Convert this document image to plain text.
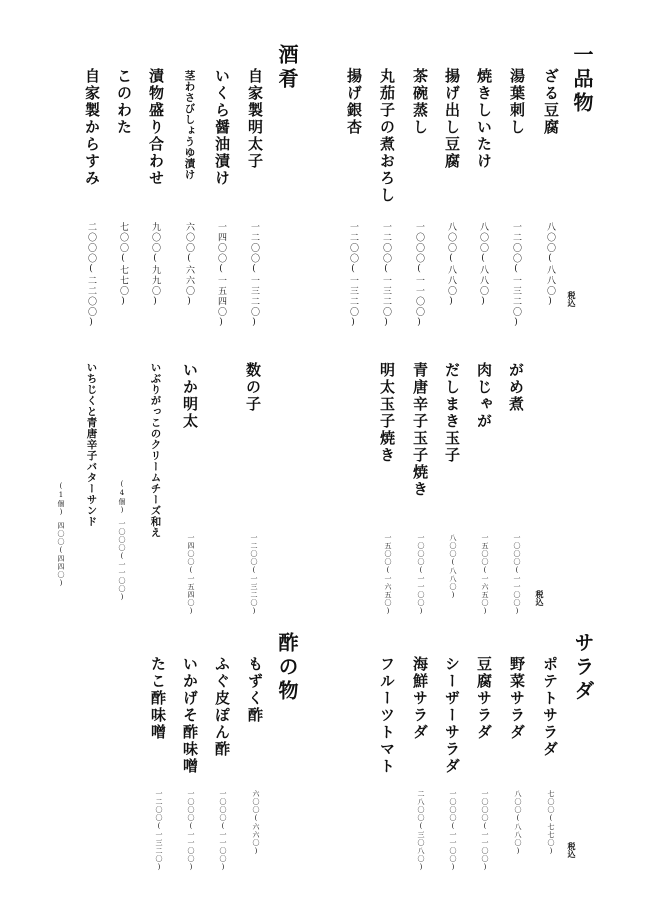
一品物
税込
ざる豆腐
八〇〇(八八〇)
湯葉刺し
一二〇〇(一三二〇)
焼きしいたけ
八〇〇(八八〇)
揚げ出し豆腐
八〇〇(八八〇)
茶碗蒸し
一〇〇〇(一一〇〇)
丸茄子の煮おろし
一二〇〇(一三二〇)
揚げ銀杏
一二〇〇(一三二〇)
酒肴
自家製明太子
一二〇〇(一三二〇)
いくら醤油漬け
一四〇〇(一五四〇)
茎わさびしょうゆ漬け
六〇〇(六六〇)
漬物盛り合わせ
九〇〇(九九〇)
このわた
七〇〇(七七〇)
自家製からすみ
二〇〇〇(二二〇〇)
税込
がめ煮
一〇〇〇(一一〇〇)
肉じゃが
一五〇〇(一六五〇)
だしまき玉子
八〇〇(八八〇)
青唐辛子玉子焼き
一〇〇〇(一一〇〇)
明太玉子焼き
一五〇〇(一六五〇)
数の子
一二〇〇(一三二〇)
いか明太
一四〇〇(一五四〇)
いぶりがっこのクリームチーズ和え
(4個)
一〇〇〇(一一〇〇)
いちじくと青唐辛子バターサンド
(1個)
四〇〇(四四〇)
サラダ
税込
ポテトサラダ
七〇〇(七七〇)
野菜サラダ
八〇〇(八八〇)
豆腐サラダ
一〇〇〇(一一〇〇)
シーザーサラダ
一〇〇〇(一一〇〇)
海鮮サラダ
二八〇〇(三〇八〇)
フルーツトマト
酢の物
もずく酢
六〇〇(六六〇)
ふぐ皮ぽん酢
一〇〇〇(一一〇〇)
いかげそ酢味噌
一〇〇〇(一一〇〇)
たこ酢味噌
一二〇〇(一三二〇)
